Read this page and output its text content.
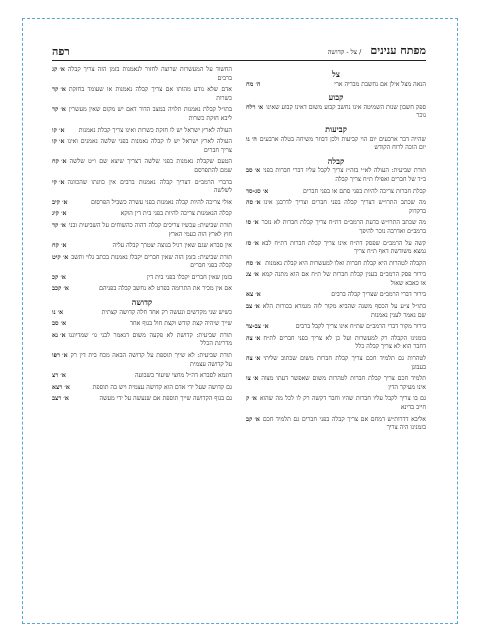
מפתח ענינים / צל - קדושה
רפה
צל
ה׳ מח	הנאה מצל אילן אם נחשבת מבריה ארי
קבוע
א׳ רלח ספק חשבון שנות השמיטה אינו נחשב קבוע משום דאינו קבוע שאינו נוכר
קביעות
ה׳ גו שהייה דבר ארבעים יום הוי קביעות ולכן דבוזר משיחה בטלה ארבעים יום הוכה לרוח הקודש
קבלה
א׳ סב תורת שביעית: העולה לא״י בזה״ז צריך לקבל עליו דברי חברות בפני ב״ד של חברים ואפילו ת״ח צריך קבלה
א׳ סג-סד	קבלת חברות צריכה להיות בפני סתם או בפני חברים
א׳ סה מה שכתב התרו״ש דצריך קבלה בפני חברים וצריך לדרבנן אינו בדקדוק
א׳ סו מה שכתב התרו״ש בדעת הרמב״ם דת״ח צריך קבלת חברות לא נזכר ברמב״ם ואדרבה נוכר להיפך
א׳ סז קשה על הרמב״ם שפסק דת״ח אינו צריך קבלת חברות דת״ח לבא נמצא משודשת דאף ת״ח צריך
א׳ סח הקבלה לטהרות היא קבלת חברות ואלו למעשרות היא קבלת נאמנות
א׳ צג בירור פסק הרמב״ם בענין קבלת חברות של ת״ח אם הוא מתנה קמא או כאבא שאול
א׳ צא	בירור דברי הרמב״ם שצריך קבלה ברבים
א׳ צב בתו״ל צ״ע על הכסף משנה שהביא מקור לזה מגמרא בכורות הלא שם נאמר לענין נאמנות
א׳ צב-צד	בירור מקור דברי הרמב״ם שת״ח אינו צריך לקבל ברבים
א׳ צה בומנינו הקבלה רק למעשרות ועל כן לא צריך בפני חברים לת״ח דחבר הוא לא צריך קבלה כלל
א׳ צה לטהרות גם תלמיד חכם צריך קבלת חברות משום שכתוב שליתי בעבונן
א׳ צו תלמיד חכם צריך קבלת חברות לטהרות משום שאפשר דעתו מצוה אינו מעיקר הדין
א׳ ק גם בו צריך לקבל עליו חברות שהיו וחבר דקשה רק לו לכל מה שהוא חייב בדינא
א׳ קב אליבא דדרות״ש דמחם אם צריך קבלה בפני חברים גם תלמיד חכם בזמנינו היה צריך
א׳ קג החשוד על המעשרות שרוצה לחזור לנאמנות בזמן הזה צריך קבלה ברבים
א׳ קד אדם שלא נודע מהותו אם צריך קבלה נאמנות או שעומד בחזקת כשרות
א׳ קד בתו״ל קבלת נאמנות תלויה במצב הדור דאם יש מקום שאין מעשרין ליבא חזקת כשרות
א׳ קו	העולה לארץ ישראל יש לו חזקת כשרות ואינו צריך קבלת נאמנות
א׳ קו העולה לארץ ישראל יש לו קבלה נאמנות בפני שלשה נאמנים ואינו צריך חברים
א׳ קח הטעם שקבלת נאמנות בפני שלשה דצריך שיצא שם ו״ט שלשה שמם להתפרסם
א׳ קי בדברי הרמב״ם דצריך קבלה נאמנות ברבים אין כוונתו שהכוונה לשלשה
א׳ קיב	אולי צריכה להיות קבלה נאמנות בפני עשרה כשביל הפרסום
א׳ קיג	קבלה הנאמנות צריכה להיות בפני בית דין הוקא
א׳ קד תורת שביעית: עכשיו צריכים קבלה דהוה כהשוחים על השביעית ובני חוץ לארץ הוה כעמי הארץ
א׳ קח	אין סברא שגם שאין רגיל בנוצה יצטרך קבלה עליה
א׳ קיט תורת שביעית: בזמן הזה שאין חברים יקבלו נאמנות בכתב גלוי ותשב קבלה בפני חברים
א׳ קכ	בזמן שאין חברים יקבלו בפני בית דין
א׳ קכב	אם אין מכיר את התרומה בפרט לא נחשב קבלה בפניהם
קדושה
א׳ נו	כשיש שני מקדשים ונעשה רק אחד חלה קדושה קצתית
א׳ סב	שייך שיהיה קצת קודש וקצת חול בגוף אחד
א׳ נא תורת שביעית: קדושת לא פקעה משום דנאמר לבני גו׳ שמדיוננו מדריגת הכלל
א׳ רפו תורת שביעית: לא שייך תוספת על קדושה הבאה מכח בית דין רק על קדושה עצמית
א׳ רצ	דוגמא לסברא דה״ל מחצי שיעור בשבועה
א׳ רצא	גם קדושה שעל ידי אדם הוא קדושה עצמית ויש בה תוספת
א׳ רצב	גם בגוף הקדושה שייך תוספת אם שנעשה על ידי מעשה
